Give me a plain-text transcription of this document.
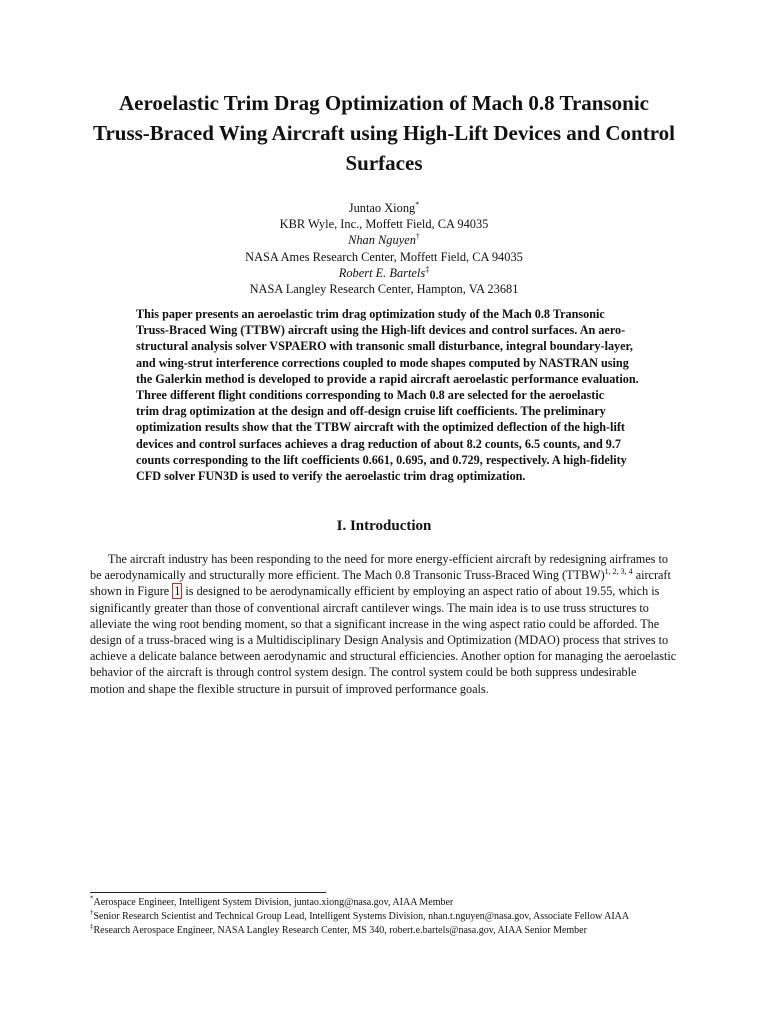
Aeroelastic Trim Drag Optimization of Mach 0.8 Transonic
Truss-Braced Wing Aircraft using High-Lift Devices and Control
Surfaces
Juntao Xiong*
KBR Wyle, Inc., Moffett Field, CA 94035
Nhan Nguyen†
NASA Ames Research Center, Moffett Field, CA 94035
Robert E. Bartels‡
NASA Langley Research Center, Hampton, VA 23681
This paper presents an aeroelastic trim drag optimization study of the Mach 0.8 Transonic
Truss-Braced Wing (TTBW) aircraft using the High-lift devices and control surfaces. An aero-
structural analysis solver VSPAERO with transonic small disturbance, integral boundary-layer,
and wing-strut interference corrections coupled to mode shapes computed by NASTRAN using
the Galerkin method is developed to provide a rapid aircraft aeroelastic performance evaluation.
Three different flight conditions corresponding to Mach 0.8 are selected for the aeroelastic
trim drag optimization at the design and off-design cruise lift coefficients. The preliminary
optimization results show that the TTBW aircraft with the optimized deflection of the high-lift
devices and control surfaces achieves a drag reduction of about 8.2 counts, 6.5 counts, and 9.7
counts corresponding to the lift coefficients 0.661, 0.695, and 0.729, respectively. A high-fidelity
CFD solver FUN3D is used to verify the aeroelastic trim drag optimization.
I. Introduction
The aircraft industry has been responding to the need for more energy-efficient aircraft by redesigning airframes to
be aerodynamically and structurally more efficient. The Mach 0.8 Transonic Truss-Braced Wing (TTBW)$^{1, 2, 3, 4}$ aircraft
shown in Figure 1 is designed to be aerodynamically efficient by employing an aspect ratio of about 19.55, which is
significantly greater than those of conventional aircraft cantilever wings. The main idea is to use truss structures to
alleviate the wing root bending moment, so that a significant increase in the wing aspect ratio could be afforded. The
design of a truss-braced wing is a Multidisciplinary Design Analysis and Optimization (MDAO) process that strives to
achieve a delicate balance between aerodynamic and structural efficiencies. Another option for managing the aeroelastic
behavior of the aircraft is through control system design. The control system could be both suppress undesirable
motion and shape the flexible structure in pursuit of improved performance goals.
*Aerospace Engineer, Intelligent System Division, juntao.xiong@nasa.gov, AIAA Member
†Senior Research Scientist and Technical Group Lead, Intelligent Systems Division, nhan.t.nguyen@nasa.gov, Associate Fellow AIAA
‡Research Aerospace Engineer, NASA Langley Research Center, MS 340, robert.e.bartels@nasa.gov, AIAA Senior Member
